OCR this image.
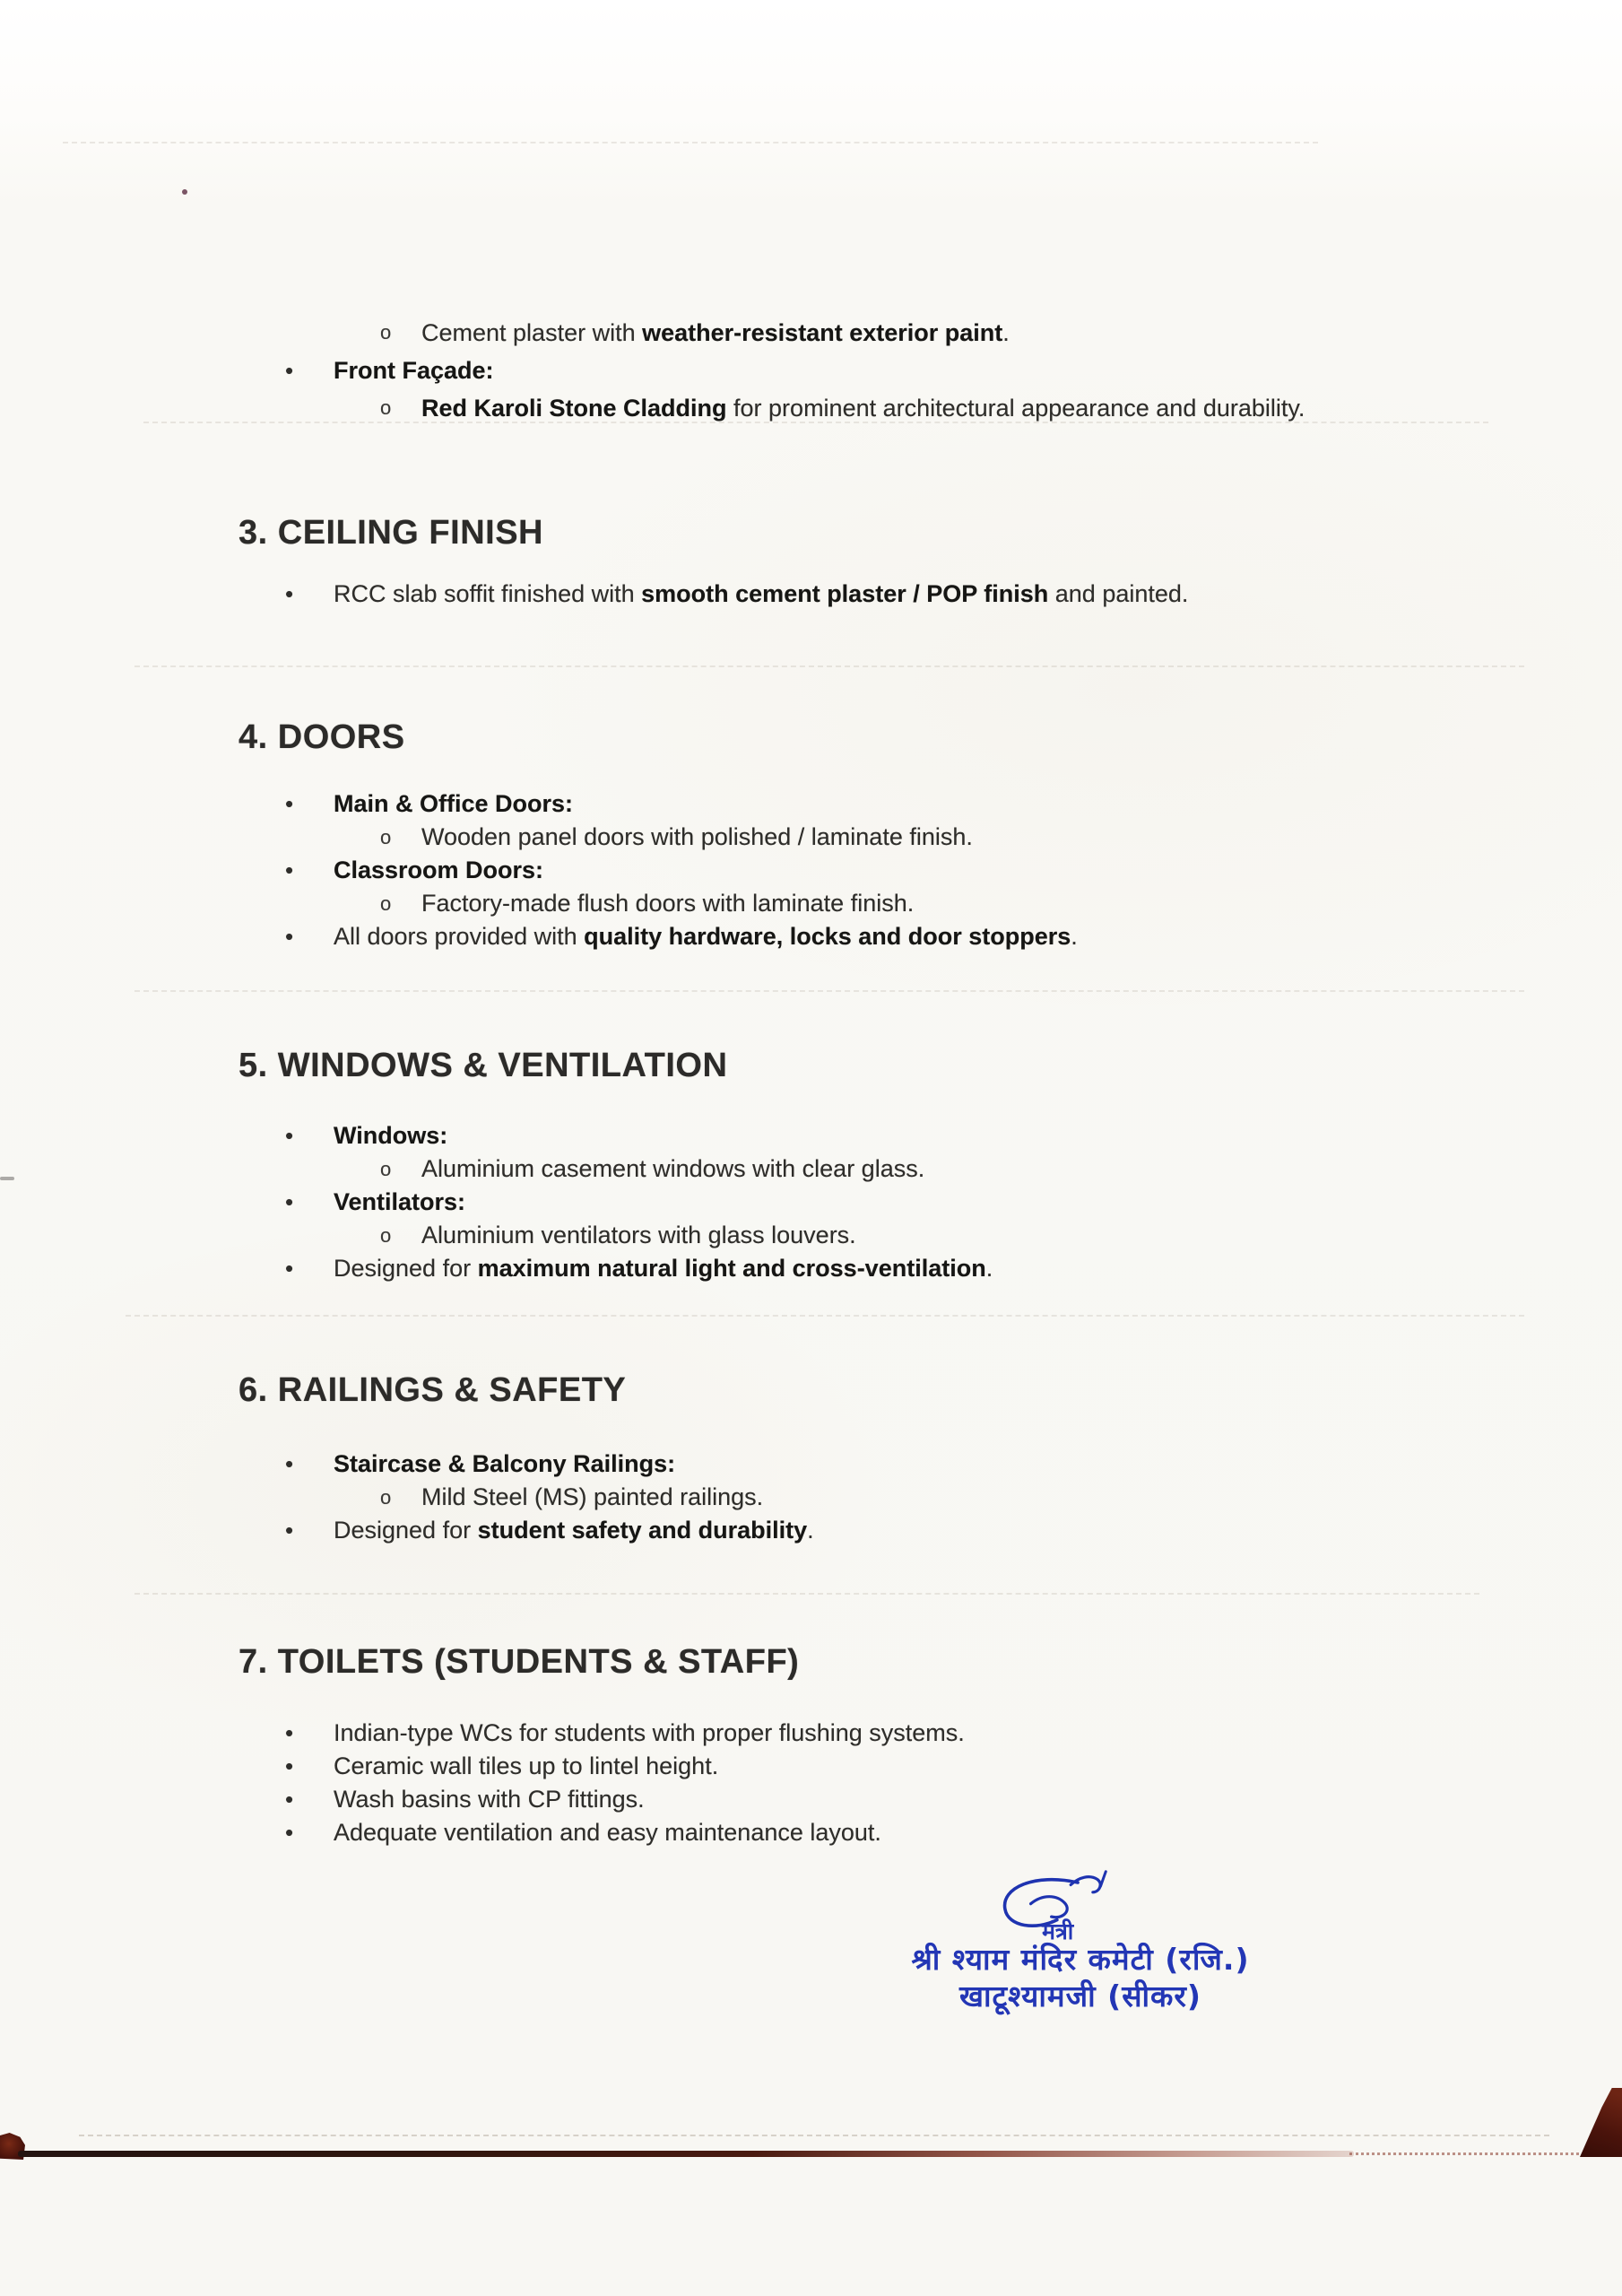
o Cement plaster with weather-resistant exterior paint.
• Front Façade:
o Red Karoli Stone Cladding for prominent architectural appearance and durability.
3. CEILING FINISH
• RCC slab soffit finished with smooth cement plaster / POP finish and painted.
4. DOORS
• Main & Office Doors:
o Wooden panel doors with polished / laminate finish.
• Classroom Doors:
o Factory-made flush doors with laminate finish.
• All doors provided with quality hardware, locks and door stoppers.
5. WINDOWS & VENTILATION
• Windows:
o Aluminium casement windows with clear glass.
• Ventilators:
o Aluminium ventilators with glass louvers.
• Designed for maximum natural light and cross-ventilation.
6. RAILINGS & SAFETY
• Staircase & Balcony Railings:
o Mild Steel (MS) painted railings.
• Designed for student safety and durability.
7. TOILETS (STUDENTS & STAFF)
• Indian-type WCs for students with proper flushing systems.
• Ceramic wall tiles up to lintel height.
• Wash basins with CP fittings.
• Adequate ventilation and easy maintenance layout.
मंत्री
श्री श्याम मंदिर कमेटी (रजि.)
खाटूश्यामजी (सीकर)
